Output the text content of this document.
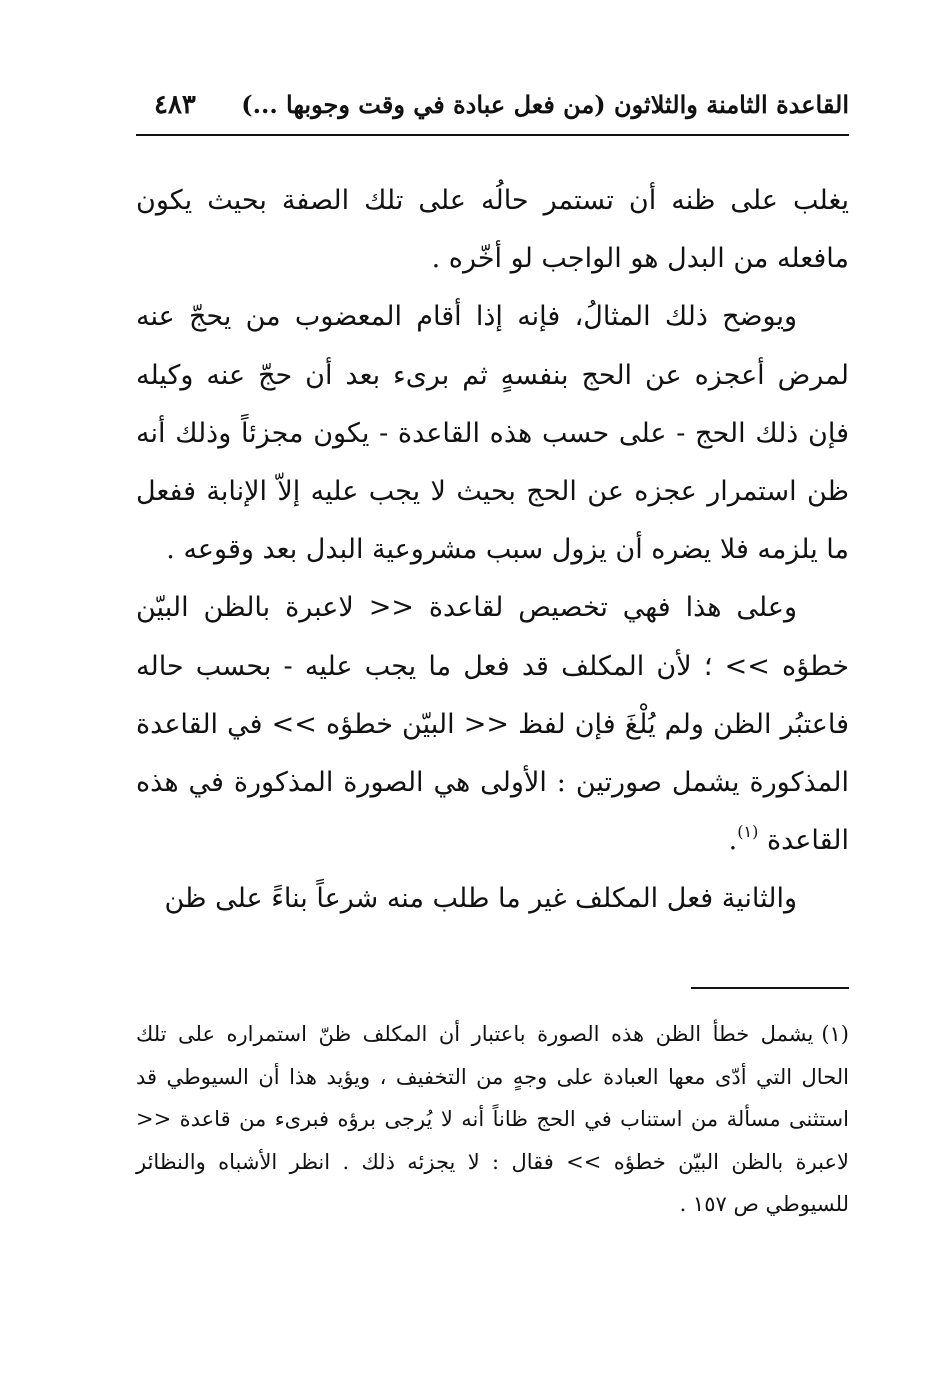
القاعدة الثامنة والثلاثون (من فعل عبادة في وقت وجوبها ...)
٤٨٣

يغلب على ظنه أن تستمر حالُه على تلك الصفة بحيث يكون مافعله من البدل هو الواجب لو أخّره .

ويوضح ذلك المثالُ، فإنه إذا أقام المعضوب من يحجّ عنه لمرض أعجزه عن الحج بنفسهٍ ثم برىء بعد أن حجّ عنه وكيله فإن ذلك الحج - على حسب هذه القاعدة - يكون مجزئاً وذلك أنه ظن استمرار عجزه عن الحج بحيث لا يجب عليه إلاّ الإنابة ففعل ما يلزمه فلا يضره أن يزول سبب مشروعية البدل بعد وقوعه .

وعلى هذا فهي تخصيص لقاعدة << لاعبرة بالظن البيّن خطؤه >> ؛ لأن المكلف قد فعل ما يجب عليه - بحسب حاله فاعتبُر الظن ولم يُلْغَ فإن لفظ << البيّن خطؤه >> في القاعدة المذكورة يشمل صورتين : الأولى هي الصورة المذكورة في هذه القاعدة $^{(١)}$.

والثانية فعل المكلف غير ما طلب منه شرعاً بناءً على ظن

(١)يشمل خطأ الظن هذه الصورة باعتبار أن المكلف ظنّ استمراره على تلك الحال التي أدّى معها العبادة على وجهٍ من التخفيف ، ويؤيد هذا أن السيوطي قد استثنى مسألة من استناب في الحج ظاناً أنه لا يُرجى برؤه فبرىء من قاعدة << لاعبرة بالظن البيّن خطؤه >> فقال : لا يجزئه ذلك . انظر الأشباه والنظائر للسيوطي ص ١٥٧ .
